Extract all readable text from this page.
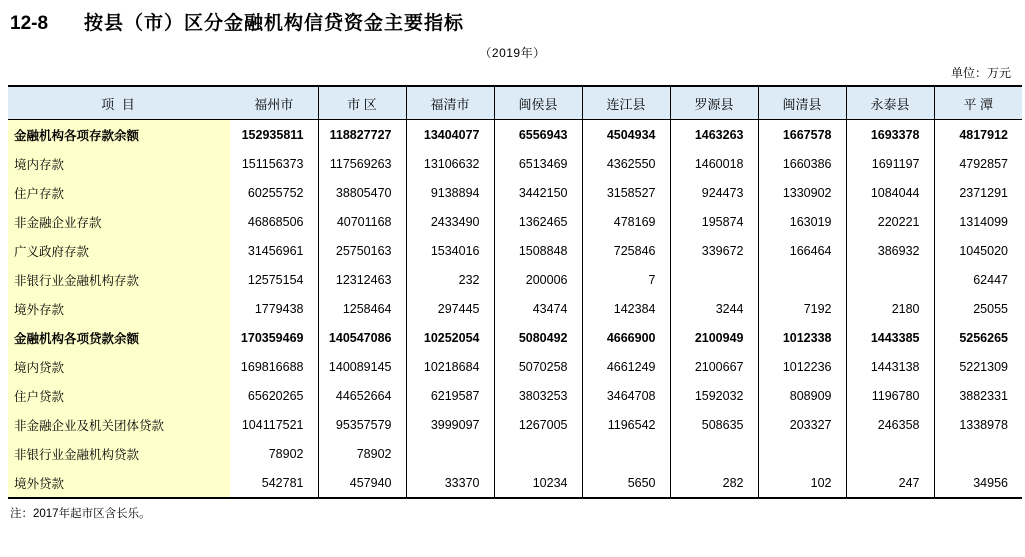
12-8 按县（市）区分金融机构信贷资金主要指标
（2019年）
单位：万元
项 目	福州市	市 区	福清市	闽侯县	连江县	罗源县	闽清县	永泰县	平 潭
金融机构各项存款余额	152935811	118827727	13404077	6556943	4504934	1463263	1667578	1693378	4817912
境内存款	151156373	117569263	13106632	6513469	4362550	1460018	1660386	1691197	4792857
住户存款	60255752	38805470	9138894	3442150	3158527	924473	1330902	1084044	2371291
非金融企业存款	46868506	40701168	2433490	1362465	478169	195874	163019	220221	1314099
广义政府存款	31456961	25750163	1534016	1508848	725846	339672	166464	386932	1045020
非银行业金融机构存款	12575154	12312463	232	200006	7				62447
境外存款	1779438	1258464	297445	43474	142384	3244	7192	2180	25055
金融机构各项贷款余额	170359469	140547086	10252054	5080492	4666900	2100949	1012338	1443385	5256265
境内贷款	169816688	140089145	10218684	5070258	4661249	2100667	1012236	1443138	5221309
住户贷款	65620265	44652664	6219587	3803253	3464708	1592032	808909	1196780	3882331
非金融企业及机关团体贷款	104117521	95357579	3999097	1267005	1196542	508635	203327	246358	1338978
非银行业金融机构贷款	78902	78902							
境外贷款	542781	457940	33370	10234	5650	282	102	247	34956
注：2017年起市区含长乐。
